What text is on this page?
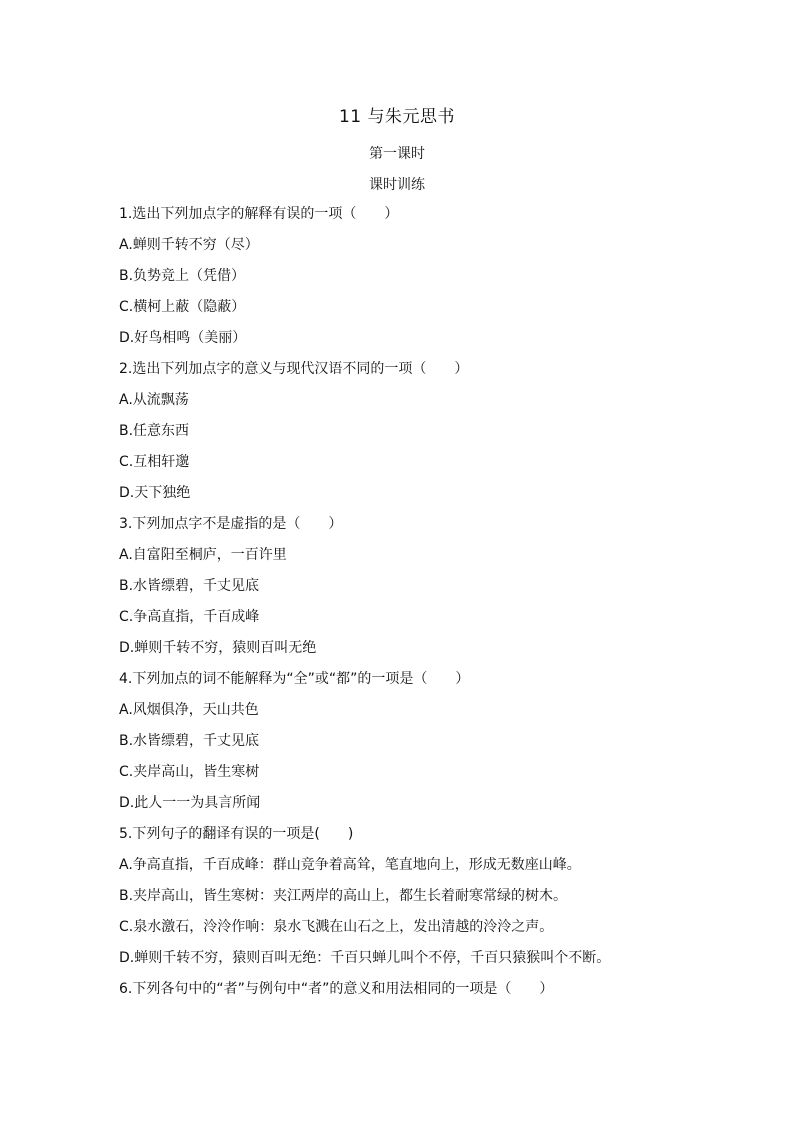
11 与朱元思书
第一课时
课时训练
1.选出下列加点字的解释有误的一项（　　）
A.蝉则千转不穷（尽）
B.负势竞上（凭借）
C.横柯上蔽（隐蔽）
D.好鸟相鸣（美丽）
2.选出下列加点字的意义与现代汉语不同的一项（　　）
A.从流飘荡
B.任意东西
C.互相轩邈
D.天下独绝
3.下列加点字不是虚指的是（　　）
A.自富阳至桐庐，一百许里
B.水皆缥碧，千丈见底
C.争高直指，千百成峰
D.蝉则千转不穷，猿则百叫无绝
4.下列加点的词不能解释为“全”或“都”的一项是（　　）
A.风烟俱净，天山共色
B.水皆缥碧，千丈见底
C.夹岸高山，皆生寒树
D.此人一一为具言所闻
5.下列句子的翻译有误的一项是(　　)
A.争高直指，千百成峰：群山竞争着高耸，笔直地向上，形成无数座山峰。
B.夹岸高山，皆生寒树：夹江两岸的高山上，都生长着耐寒常绿的树木。
C.泉水激石，泠泠作响：泉水飞溅在山石之上，发出清越的泠泠之声。
D.蝉则千转不穷，猿则百叫无绝：千百只蝉儿叫个不停，千百只猿猴叫个不断。
6.下列各句中的“者”与例句中“者”的意义和用法相同的一项是（　　）
